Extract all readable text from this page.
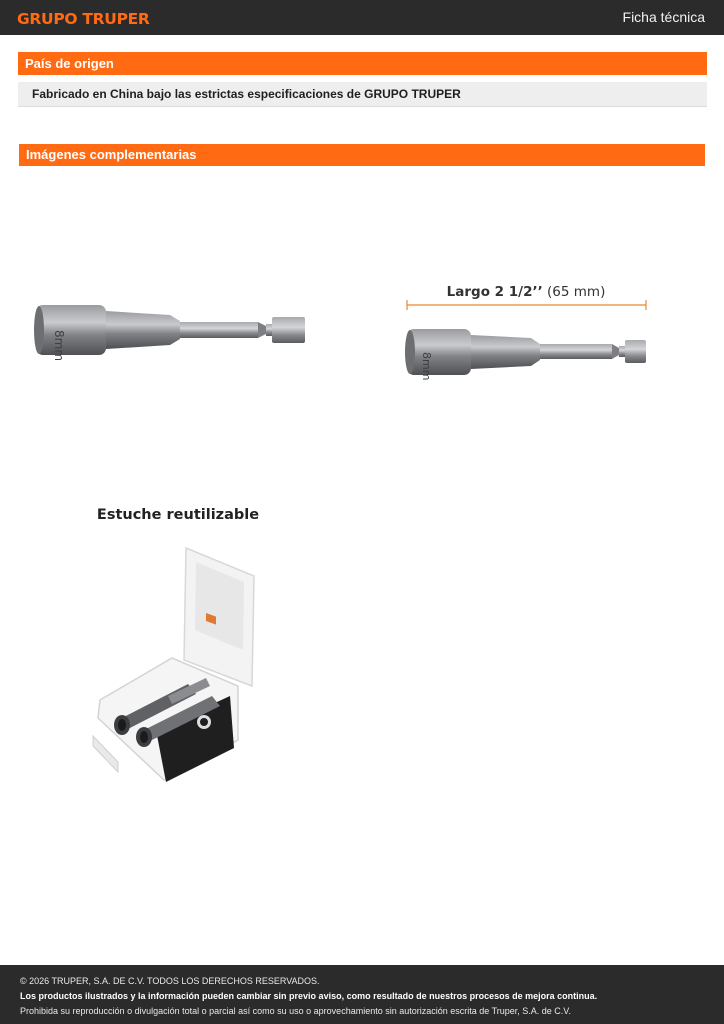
GRUPO TRUPER	Ficha técnica
País de origen
Fabricado en China bajo las estrictas especificaciones de GRUPO TRUPER
Imágenes complementarias
8mm
Largo 2 1/2’’ (65 mm)
8mm
Estuche reutilizable
© 2026 TRUPER, S.A. DE C.V. TODOS LOS DERECHOS RESERVADOS.
Los productos ilustrados y la información pueden cambiar sin previo aviso, como resultado de nuestros procesos de mejora continua.
Prohibida su reproducción o divulgación total o parcial así como su uso o aprovechamiento sin autorización escrita de Truper, S.A. de C.V.
